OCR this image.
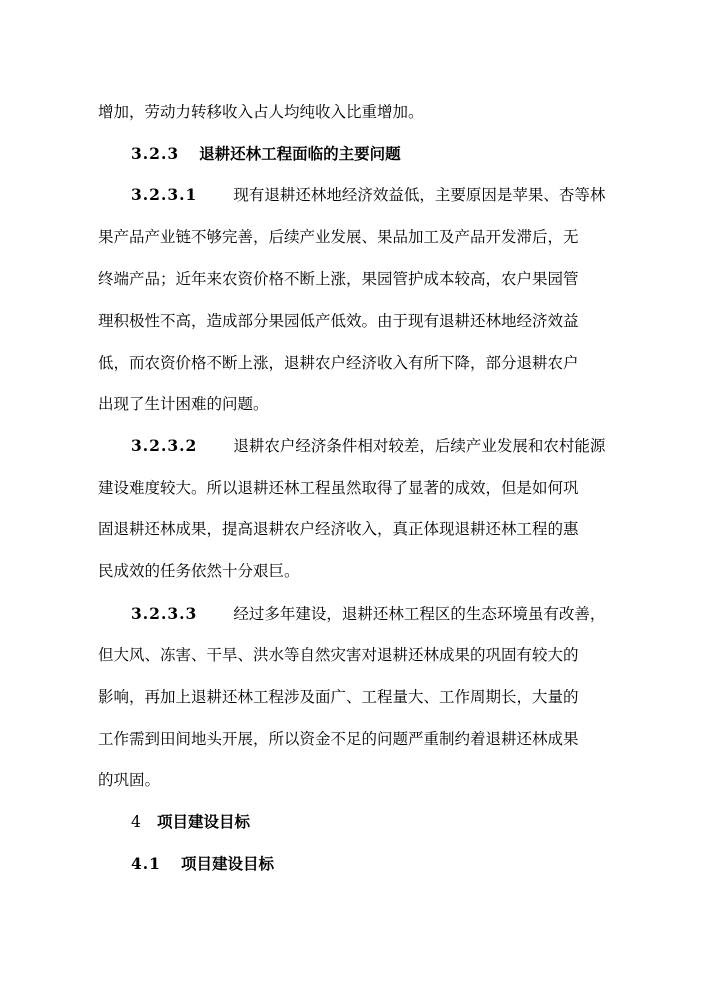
增加，劳动力转移收入占人均纯收入比重增加。
3.2.3 退耕还林工程面临的主要问题
3.2.3.1 现有退耕还林地经济效益低，主要原因是苹果、杏等林
果产品产业链不够完善，后续产业发展、果品加工及产品开发滞后，无
终端产品；近年来农资价格不断上涨，果园管护成本较高，农户果园管
理积极性不高，造成部分果园低产低效。由于现有退耕还林地经济效益
低，而农资价格不断上涨，退耕农户经济收入有所下降，部分退耕农户
出现了生计困难的问题。
3.2.3.2 退耕农户经济条件相对较差，后续产业发展和农村能源
建设难度较大。所以退耕还林工程虽然取得了显著的成效，但是如何巩
固退耕还林成果，提高退耕农户经济收入，真正体现退耕还林工程的惠
民成效的任务依然十分艰巨。
3.2.3.3 经过多年建设，退耕还林工程区的生态环境虽有改善，
但大风、冻害、干旱、洪水等自然灾害对退耕还林成果的巩固有较大的
影响，再加上退耕还林工程涉及面广、工程量大、工作周期长，大量的
工作需到田间地头开展，所以资金不足的问题严重制约着退耕还林成果
的巩固。
4 项目建设目标
4.1 项目建设目标
